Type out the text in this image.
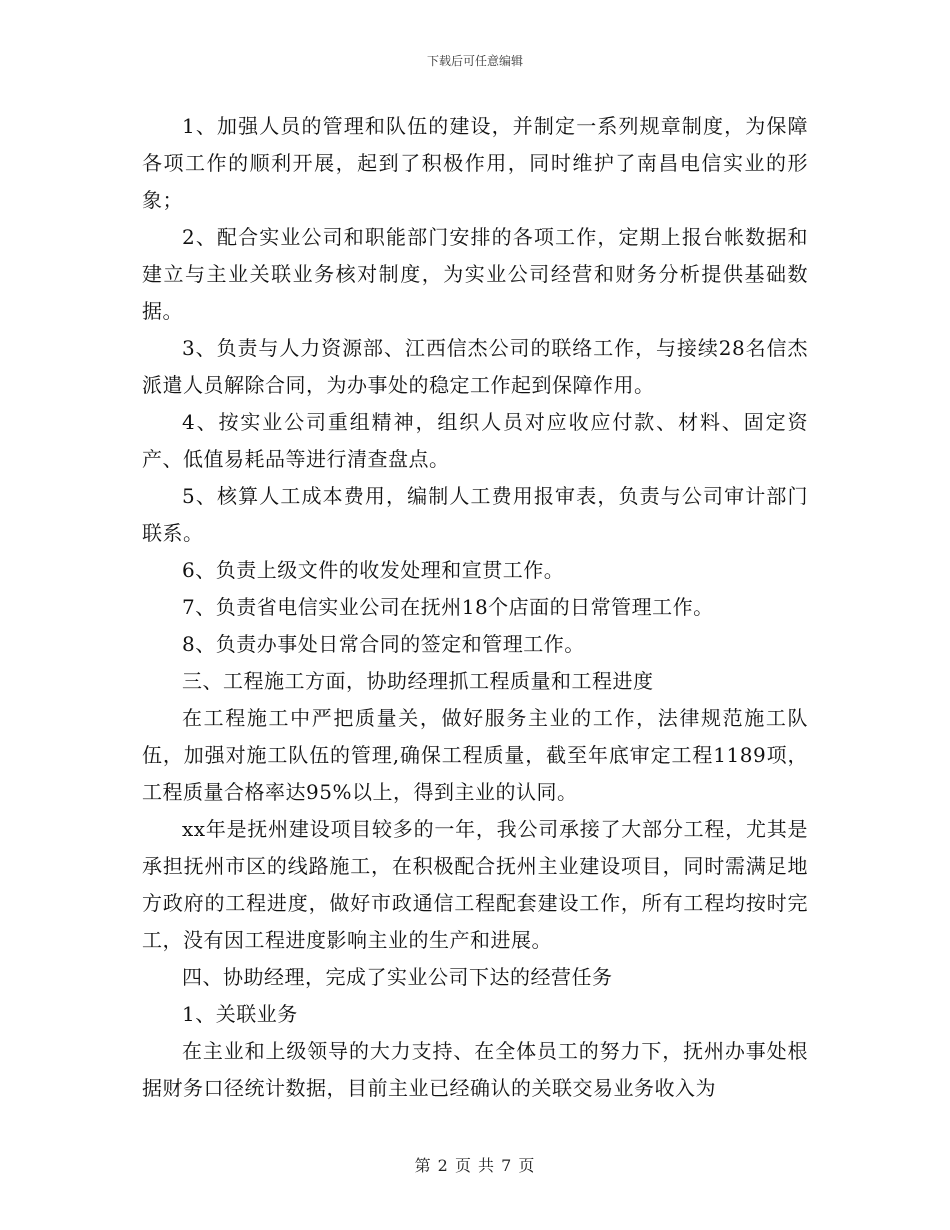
下载后可任意编辑

1、加强人员的管理和队伍的建设，并制定一系列规章制度，为保障各项工作的顺利开展，起到了积极作用，同时维护了南昌电信实业的形象；

2、配合实业公司和职能部门安排的各项工作，定期上报台帐数据和建立与主业关联业务核对制度，为实业公司经营和财务分析提供基础数据。

3、负责与人力资源部、江西信杰公司的联络工作，与接续28名信杰派遣人员解除合同，为办事处的稳定工作起到保障作用。

4、按实业公司重组精神，组织人员对应收应付款、材料、固定资产、低值易耗品等进行清查盘点。

5、核算人工成本费用，编制人工费用报审表，负责与公司审计部门联系。

6、负责上级文件的收发处理和宣贯工作。

7、负责省电信实业公司在抚州18个店面的日常管理工作。

8、负责办事处日常合同的签定和管理工作。

三、工程施工方面，协助经理抓工程质量和工程进度

在工程施工中严把质量关，做好服务主业的工作，法律规范施工队伍，加强对施工队伍的管理,确保工程质量，截至年底审定工程1189项，工程质量合格率达95%以上，得到主业的认同。

xx年是抚州建设项目较多的一年，我公司承接了大部分工程，尤其是承担抚州市区的线路施工，在积极配合抚州主业建设项目，同时需满足地方政府的工程进度，做好市政通信工程配套建设工作，所有工程均按时完工，没有因工程进度影响主业的生产和进展。

四、协助经理，完成了实业公司下达的经营任务

1、关联业务

在主业和上级领导的大力支持、在全体员工的努力下，抚州办事处根据财务口径统计数据，目前主业已经确认的关联交易业务收入为

第 2 页 共 7 页
